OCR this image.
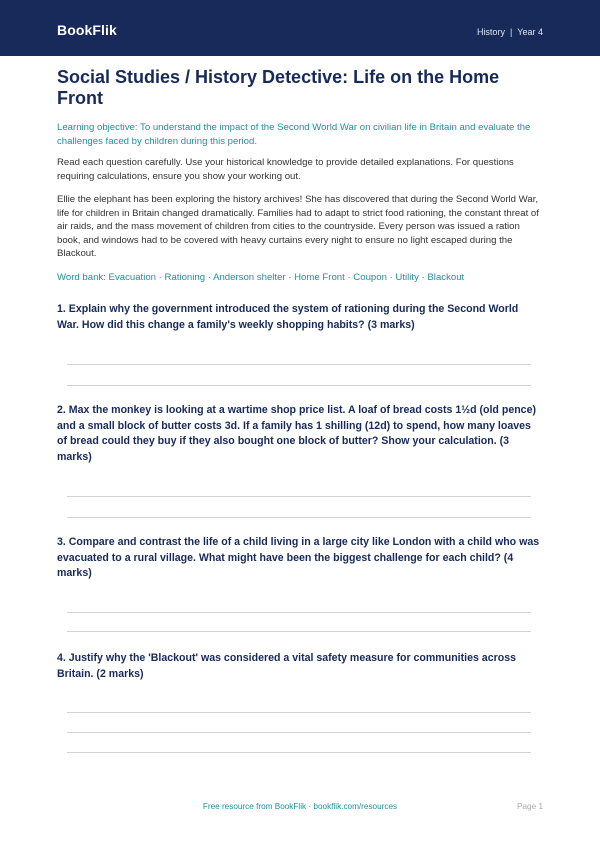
BookFlik	History | Year 4
Social Studies / History Detective: Life on the Home Front

Learning objective: To understand the impact of the Second World War on civilian life in Britain and evaluate the challenges faced by children during this period.

Read each question carefully. Use your historical knowledge to provide detailed explanations. For questions requiring calculations, ensure you show your working out.

Ellie the elephant has been exploring the history archives! She has discovered that during the Second World War, life for children in Britain changed dramatically. Families had to adapt to strict food rationing, the constant threat of air raids, and the mass movement of children from cities to the countryside. Every person was issued a ration book, and windows had to be covered with heavy curtains every night to ensure no light escaped during the Blackout.

Word bank: Evacuation · Rationing · Anderson shelter · Home Front · Coupon · Utility · Blackout

1. Explain why the government introduced the system of rationing during the Second World War. How did this change a family's weekly shopping habits? (3 marks)

2. Max the monkey is looking at a wartime shop price list. A loaf of bread costs 1½d (old pence) and a small block of butter costs 3d. If a family has 1 shilling (12d) to spend, how many loaves of bread could they buy if they also bought one block of butter? Show your calculation. (3 marks)

3. Compare and contrast the life of a child living in a large city like London with a child who was evacuated to a rural village. What might have been the biggest challenge for each child? (4 marks)

4. Justify why the 'Blackout' was considered a vital safety measure for communities across Britain. (2 marks)

Free resource from BookFlik · bookflik.com/resources	Page 1
